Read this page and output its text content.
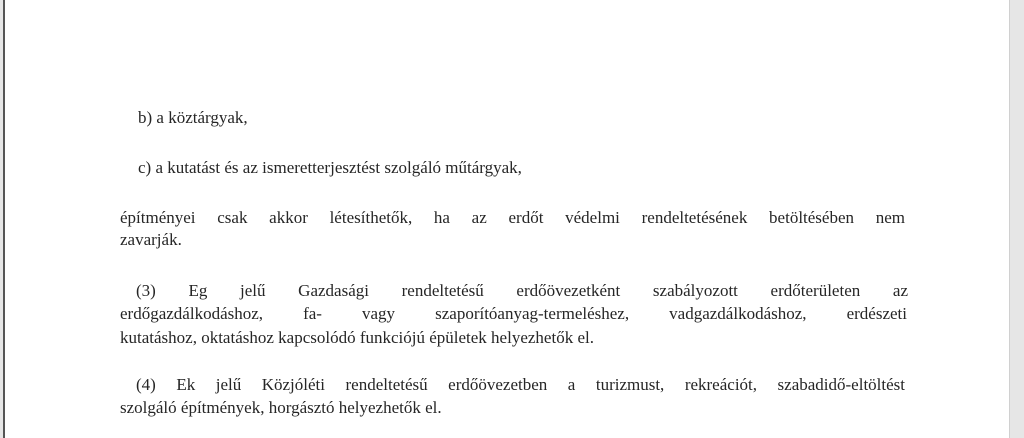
b) a köztárgyak,
c) a kutatást és az ismeretterjesztést szolgáló műtárgyak,
építményei csak akkor létesíthetők, ha az erdőt védelmi rendeltetésének betöltésében nem
zavarják.
(3) Eg jelű Gazdasági rendeltetésű erdőövezetként szabályozott erdőterületen az
erdőgazdálkodáshoz, fa- vagy szaporítóanyag-termeléshez, vadgazdálkodáshoz, erdészeti
kutatáshoz, oktatáshoz kapcsolódó funkciójú épületek helyezhetők el.
(4) Ek jelű Közjóléti rendeltetésű erdőövezetben a turizmust, rekreációt, szabadidő-eltöltést
szolgáló építmények, horgásztó helyezhetők el.
